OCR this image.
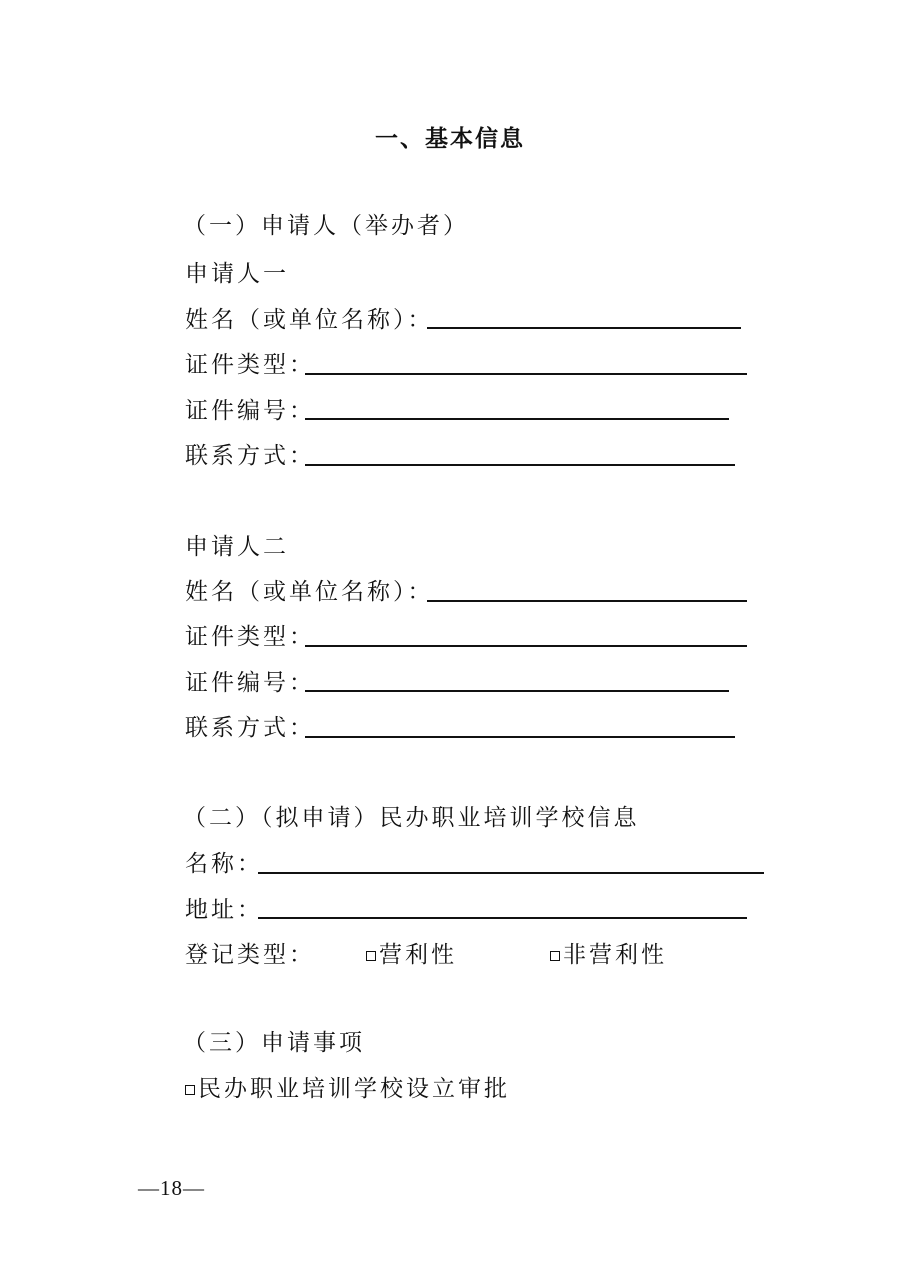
一、基本信息
（一）申请人（举办者）
申请人一
姓名（或单位名称）：
证件类型：
证件编号：
联系方式：
申请人二
姓名（或单位名称）：
证件类型：
证件编号：
联系方式：
（二）（拟申请）民办职业培训学校信息
名称：
地址：
登记类型：	营利性	非营利性
（三）申请事项
民办职业培训学校设立审批
—18—
